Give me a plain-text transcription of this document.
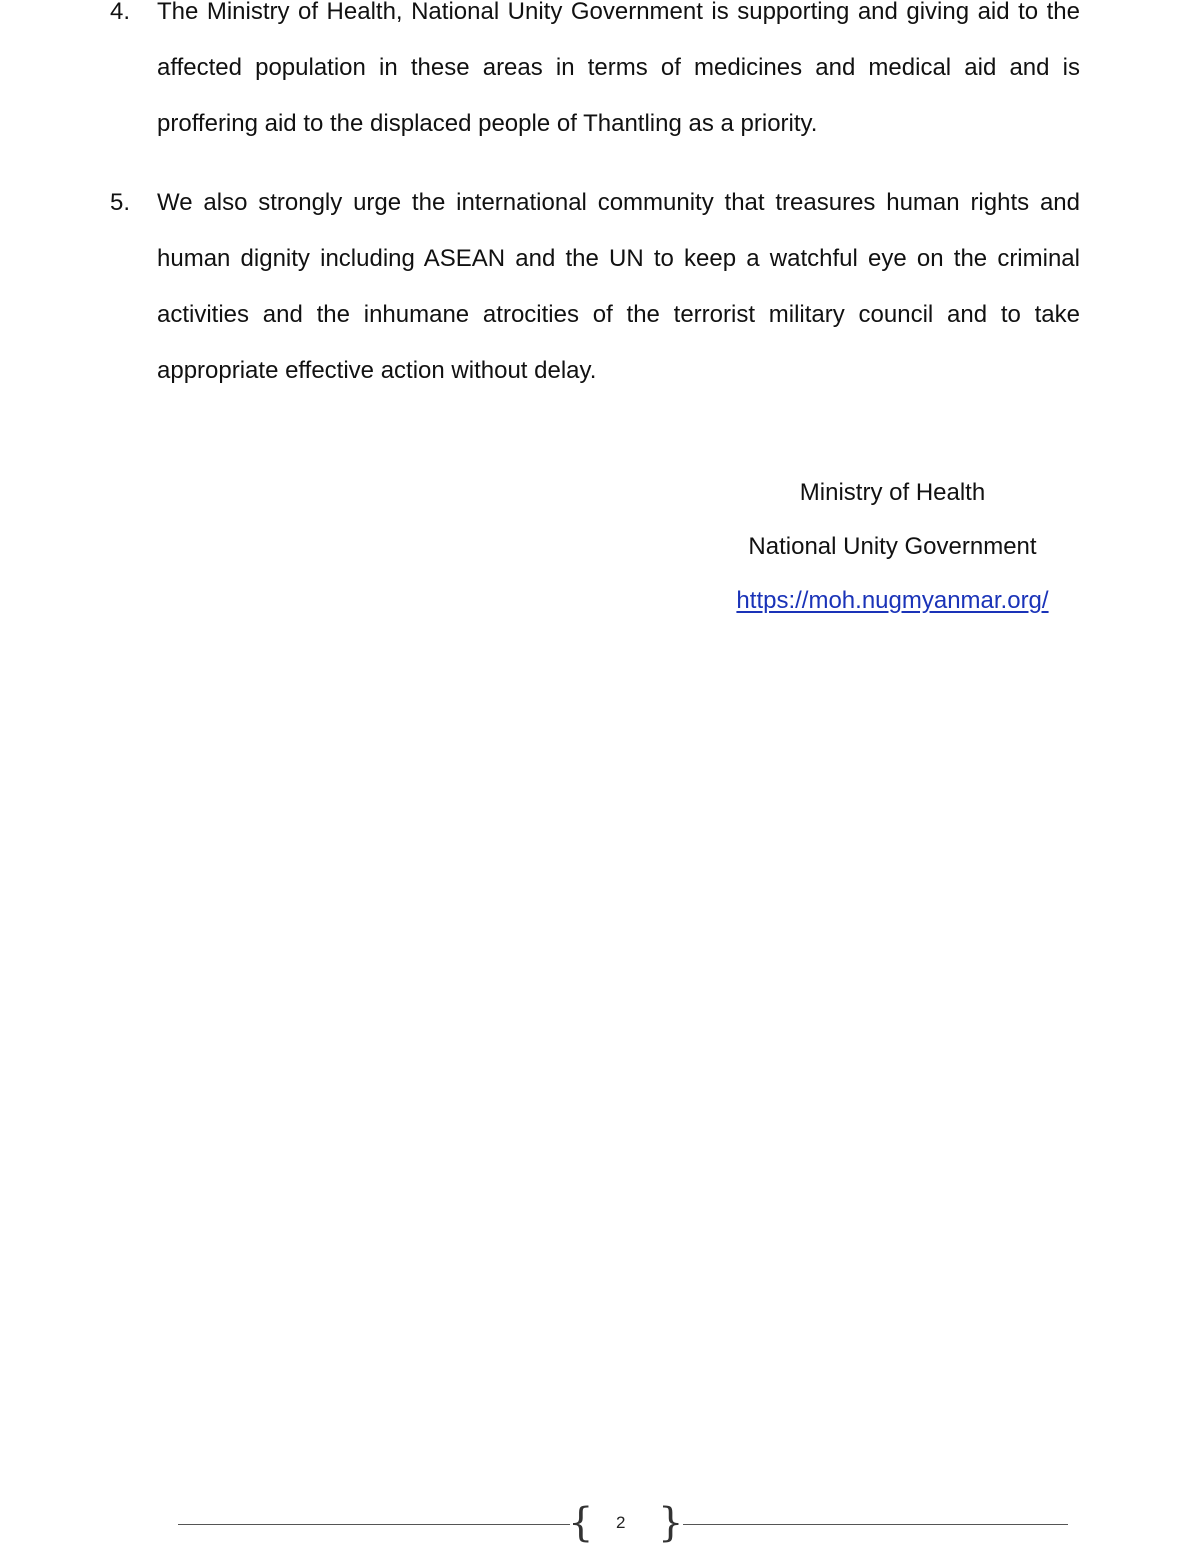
4. The Ministry of Health, National Unity Government is supporting and giving aid to the affected population in these areas in terms of medicines and medical aid and is proffering aid to the displaced people of Thantling as a priority.
5. We also strongly urge the international community that treasures human rights and human dignity including ASEAN and the UN to keep a watchful eye on the criminal activities and the inhumane atrocities of the terrorist military council and to take appropriate effective action without delay.
Ministry of Health
National Unity Government
https://moh.nugmyanmar.org/
{ 2 }
